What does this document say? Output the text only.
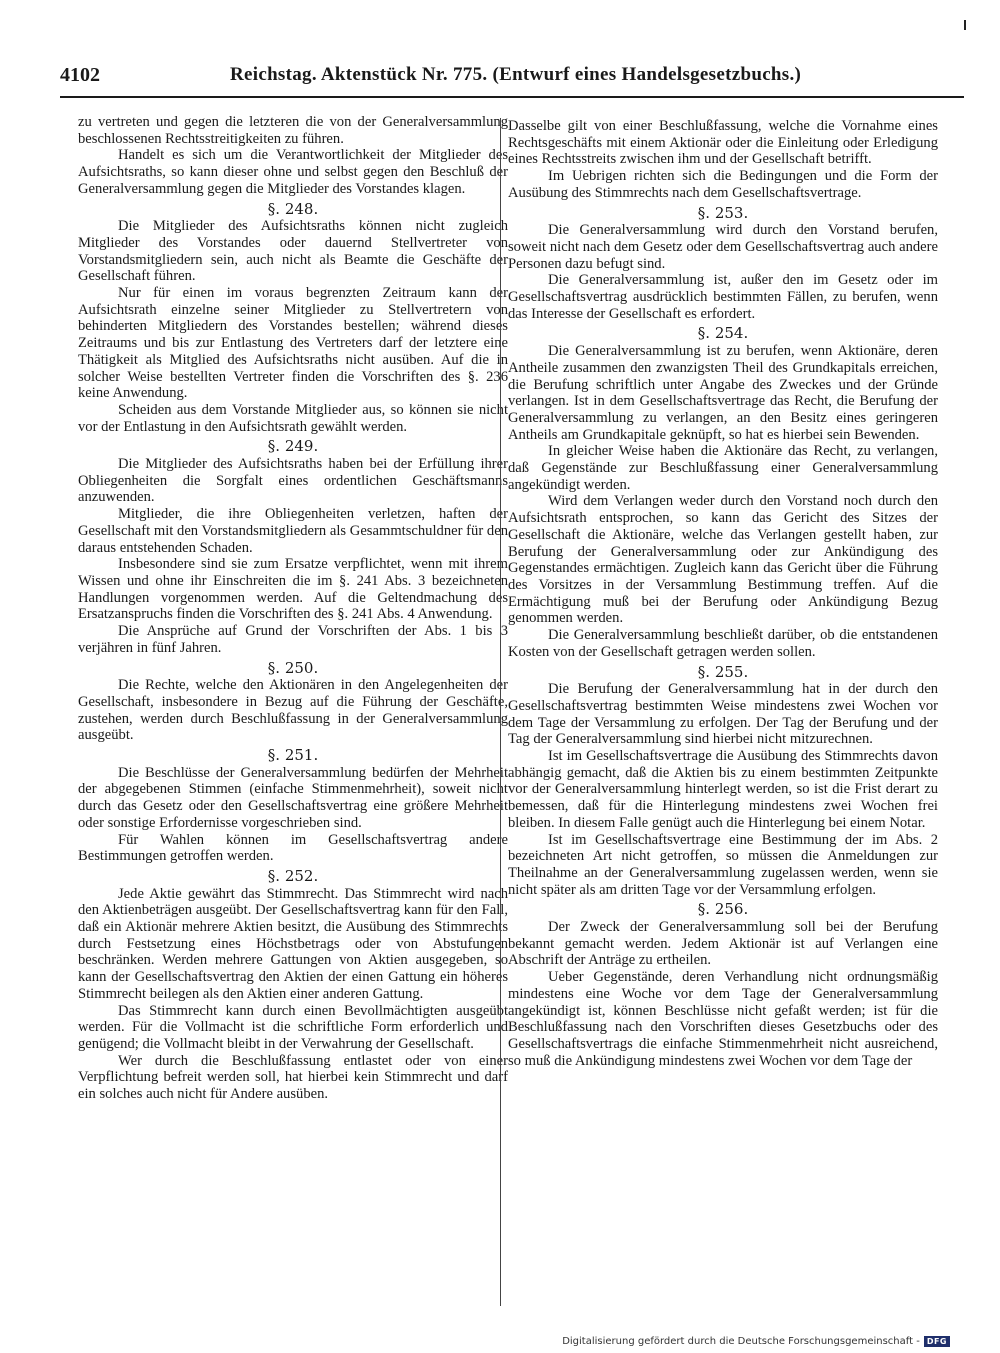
4102	Reichstag. Aktenstück Nr. 775. (Entwurf eines Handelsgesetzbuchs.)

zu vertreten und gegen die letzteren die von der Generalversammlung beschlossenen Rechtsstreitigkeiten zu führen.

Handelt es sich um die Verantwortlichkeit der Mitglieder des Aufsichtsraths, so kann dieser ohne und selbst gegen den Beschluß der Generalversammlung gegen die Mitglieder des Vorstandes klagen.

§. 248.

Die Mitglieder des Aufsichtsraths können nicht zugleich Mitglieder des Vorstandes oder dauernd Stellvertreter von Vorstandsmitgliedern sein, auch nicht als Beamte die Geschäfte der Gesellschaft führen.

Nur für einen im voraus begrenzten Zeitraum kann der Aufsichtsrath einzelne seiner Mitglieder zu Stellvertretern von behinderten Mitgliedern des Vorstandes bestellen; während dieses Zeitraums und bis zur Entlastung des Vertreters darf der letztere eine Thätigkeit als Mitglied des Aufsichtsraths nicht ausüben. Auf die in solcher Weise bestellten Vertreter finden die Vorschriften des §. 236 keine Anwendung.

Scheiden aus dem Vorstande Mitglieder aus, so können sie nicht vor der Entlastung in den Aufsichtsrath gewählt werden.

§. 249.

Die Mitglieder des Aufsichtsraths haben bei der Erfüllung ihrer Obliegenheiten die Sorgfalt eines ordentlichen Geschäftsmanns anzuwenden.

Mitglieder, die ihre Obliegenheiten verletzen, haften der Gesellschaft mit den Vorstandsmitgliedern als Gesammtschuldner für den daraus entstehenden Schaden.

Insbesondere sind sie zum Ersatze verpflichtet, wenn mit ihrem Wissen und ohne ihr Einschreiten die im §. 241 Abs. 3 bezeichneten Handlungen vorgenommen werden. Auf die Geltendmachung des Ersatzanspruchs finden die Vorschriften des §. 241 Abs. 4 Anwendung.

Die Ansprüche auf Grund der Vorschriften der Abs. 1 bis 3 verjähren in fünf Jahren.

§. 250.

Die Rechte, welche den Aktionären in den Angelegenheiten der Gesellschaft, insbesondere in Bezug auf die Führung der Geschäfte, zustehen, werden durch Beschlußfassung in der Generalversammlung ausgeübt.

§. 251.

Die Beschlüsse der Generalversammlung bedürfen der Mehrheit der abgegebenen Stimmen (einfache Stimmenmehrheit), soweit nicht durch das Gesetz oder den Gesellschaftsvertrag eine größere Mehrheit oder sonstige Erfordernisse vorgeschrieben sind.

Für Wahlen können im Gesellschaftsvertrag andere Bestimmungen getroffen werden.

§. 252.

Jede Aktie gewährt das Stimmrecht. Das Stimmrecht wird nach den Aktienbeträgen ausgeübt. Der Gesellschaftsvertrag kann für den Fall, daß ein Aktionär mehrere Aktien besitzt, die Ausübung des Stimmrechts durch Festsetzung eines Höchstbetrags oder von Abstufungen beschränken. Werden mehrere Gattungen von Aktien ausgegeben, so kann der Gesellschaftsvertrag den Aktien der einen Gattung ein höheres Stimmrecht beilegen als den Aktien einer anderen Gattung.

Das Stimmrecht kann durch einen Bevollmächtigten ausgeübt werden. Für die Vollmacht ist die schriftliche Form erforderlich und genügend; die Vollmacht bleibt in der Verwahrung der Gesellschaft.

Wer durch die Beschlußfassung entlastet oder von einer Verpflichtung befreit werden soll, hat hierbei kein Stimmrecht und darf ein solches auch nicht für Andere ausüben.

Dasselbe gilt von einer Beschlußfassung, welche die Vornahme eines Rechtsgeschäfts mit einem Aktionär oder die Einleitung oder Erledigung eines Rechtsstreits zwischen ihm und der Gesellschaft betrifft.

Im Uebrigen richten sich die Bedingungen und die Form der Ausübung des Stimmrechts nach dem Gesellschaftsvertrage.

§. 253.

Die Generalversammlung wird durch den Vorstand berufen, soweit nicht nach dem Gesetz oder dem Gesellschaftsvertrag auch andere Personen dazu befugt sind.

Die Generalversammlung ist, außer den im Gesetz oder im Gesellschaftsvertrag ausdrücklich bestimmten Fällen, zu berufen, wenn das Interesse der Gesellschaft es erfordert.

§. 254.

Die Generalversammlung ist zu berufen, wenn Aktionäre, deren Antheile zusammen den zwanzigsten Theil des Grundkapitals erreichen, die Berufung schriftlich unter Angabe des Zweckes und der Gründe verlangen. Ist in dem Gesellschaftsvertrage das Recht, die Berufung der Generalversammlung zu verlangen, an den Besitz eines geringeren Antheils am Grundkapitale geknüpft, so hat es hierbei sein Bewenden.

In gleicher Weise haben die Aktionäre das Recht, zu verlangen, daß Gegenstände zur Beschlußfassung einer Generalversammlung angekündigt werden.

Wird dem Verlangen weder durch den Vorstand noch durch den Aufsichtsrath entsprochen, so kann das Gericht des Sitzes der Gesellschaft die Aktionäre, welche das Verlangen gestellt haben, zur Berufung der Generalversammlung oder zur Ankündigung des Gegenstandes ermächtigen. Zugleich kann das Gericht über die Führung des Vorsitzes in der Versammlung Bestimmung treffen. Auf die Ermächtigung muß bei der Berufung oder Ankündigung Bezug genommen werden.

Die Generalversammlung beschließt darüber, ob die entstandenen Kosten von der Gesellschaft getragen werden sollen.

§. 255.

Die Berufung der Generalversammlung hat in der durch den Gesellschaftsvertrag bestimmten Weise mindestens zwei Wochen vor dem Tage der Versammlung zu erfolgen. Der Tag der Berufung und der Tag der Generalversammlung sind hierbei nicht mitzurechnen.

Ist im Gesellschaftsvertrage die Ausübung des Stimmrechts davon abhängig gemacht, daß die Aktien bis zu einem bestimmten Zeitpunkte vor der Generalversammlung hinterlegt werden, so ist die Frist derart zu bemessen, daß für die Hinterlegung mindestens zwei Wochen frei bleiben. In diesem Falle genügt auch die Hinterlegung bei einem Notar.

Ist im Gesellschaftsvertrage eine Bestimmung der im Abs. 2 bezeichneten Art nicht getroffen, so müssen die Anmeldungen zur Theilnahme an der Generalversammlung zugelassen werden, wenn sie nicht später als am dritten Tage vor der Versammlung erfolgen.

§. 256.

Der Zweck der Generalversammlung soll bei der Berufung bekannt gemacht werden. Jedem Aktionär ist auf Verlangen eine Abschrift der Anträge zu ertheilen.

Ueber Gegenstände, deren Verhandlung nicht ordnungsmäßig mindestens eine Woche vor dem Tage der Generalversammlung angekündigt ist, können Beschlüsse nicht gefaßt werden; ist für die Beschlußfassung nach den Vorschriften dieses Gesetzbuchs oder des Gesellschaftsvertrags die einfache Stimmenmehrheit nicht ausreichend, so muß die Ankündigung mindestens zwei Wochen vor dem Tage der

Digitalisierung gefördert durch die Deutsche Forschungsgemeinschaft - DFG
